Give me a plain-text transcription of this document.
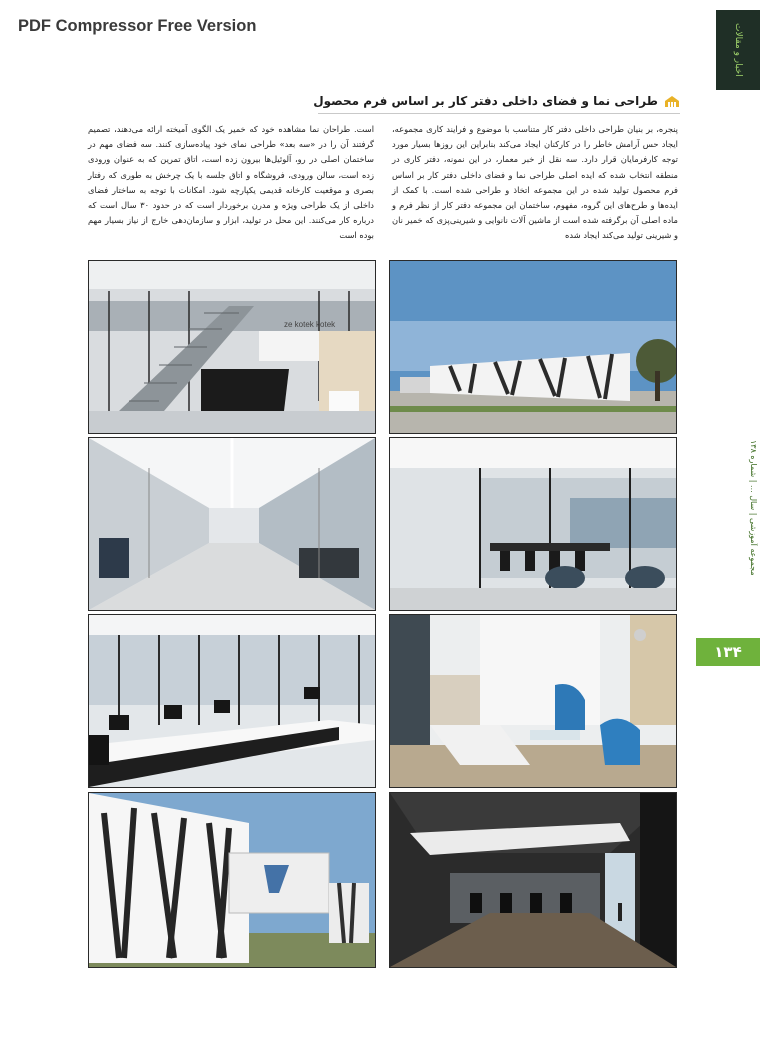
PDF Compressor Free Version	اخبار و مقالات
مجموعه آموزشی | سال ... | شماره ۱۳۸
۱۳۴
طراحی نما و فضای داخلی دفتر کار بر اساس فرم محصول
پنجره، بر بنیان طراحی داخلی دفتر کار متناسب با موضوع و فرایند کاری مجموعه، ایجاد حس آرامش خاطر را در کارکنان ایجاد می‌کند بنابراین این روزها بسیار مورد توجه کارفرمایان قرار دارد. سه نقل از خبر معمار، در این نمونه، دفتر کاری در منطقه انتخاب شده که ایده اصلی طراحی نما و فضای داخلی دفتر کار بر اساس فرم محصول تولید شده در این مجموعه اتخاذ و طراحی شده است. با کمک از ایده‌ها و طرح‌های این گروه، مفهوم، ساختمان این مجموعه دفتر کار از نظر فرم و ماده اصلی آن برگرفته شده است از ماشین آلات نانوایی و شیرینی‌پزی که خمیر نان و شیرینی تولید می‌کند ایجاد شده
است. طراحان نما مشاهده خود که خمیر یک الگوی آمیخته ارائه می‌دهند، تصمیم گرفتند آن را در «سه بعد» طراحی نمای خود پیاده‌سازی کنند. سه فضای مهم در ساختمان اصلی در رو، آلوئیل‌ها بیرون زده است، اتاق تمرین که به عنوان ورودی زده است، سالن ورودی، فروشگاه و اتاق جلسه با یک چرخش به طوری که رفتار بصری و موقعیت کارخانه قدیمی یکپارچه شود. امکانات با توجه به ساختار فضای داخلی از یک طراحی ویژه و مدرن برخوردار است که در حدود ۳۰ سال است که درباره کار می‌کنند. این محل در تولید، ابزار و سازمان‌دهی خارج از نیاز بسیار مهم بوده است
ze kotek kotek
